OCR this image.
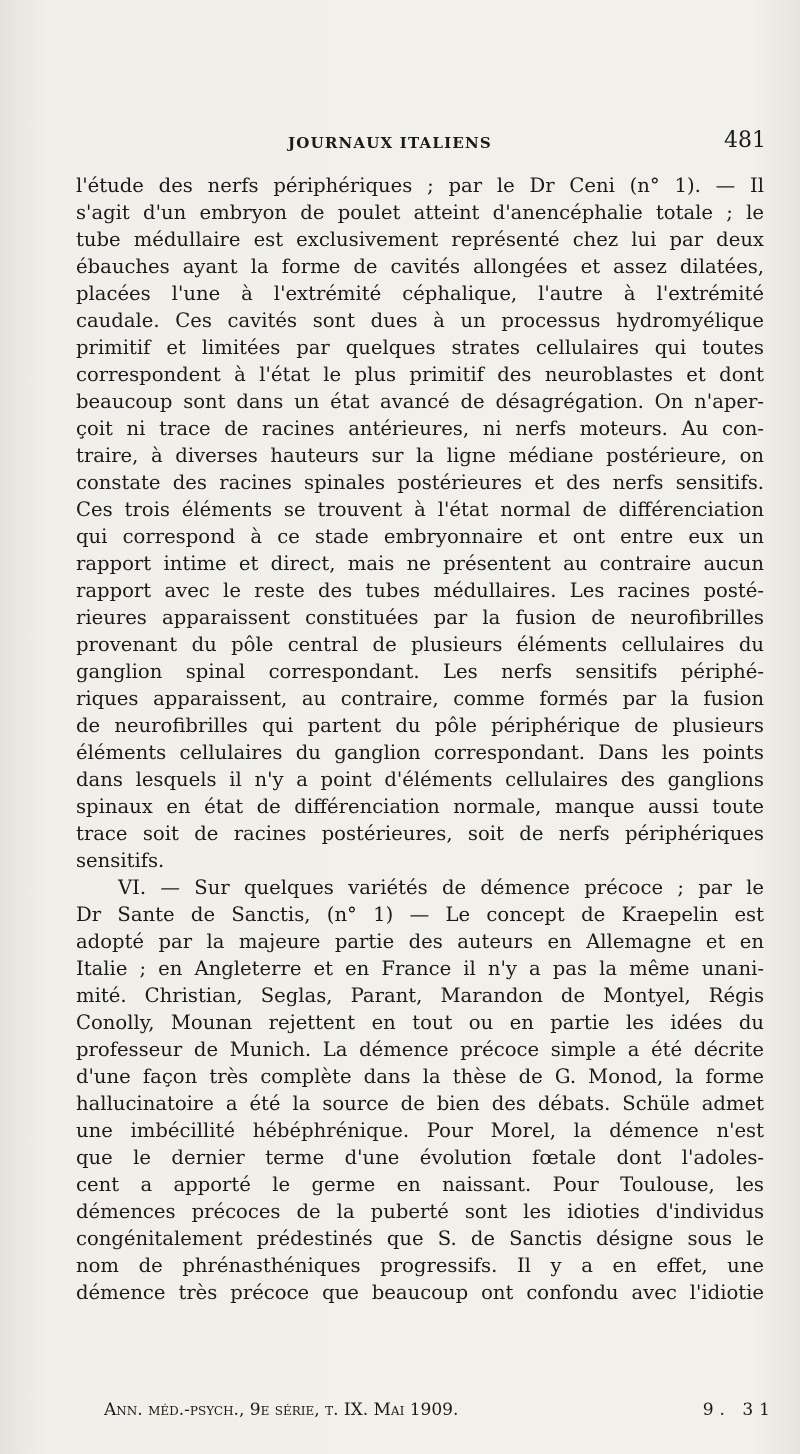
JOURNAUX ITALIENS	481
l'étude des nerfs périphériques ; par le Dr Ceni (n° 1). — Il
s'agit d'un embryon de poulet atteint d'anencéphalie totale ; le
tube médullaire est exclusivement représenté chez lui par deux
ébauches ayant la forme de cavités allongées et assez dilatées,
placées l'une à l'extrémité céphalique, l'autre à l'extrémité
caudale. Ces cavités sont dues à un processus hydromyélique
primitif et limitées par quelques strates cellulaires qui toutes
correspondent à l'état le plus primitif des neuroblastes et dont
beaucoup sont dans un état avancé de désagrégation. On n'aper-
çoit ni trace de racines antérieures, ni nerfs moteurs. Au con-
traire, à diverses hauteurs sur la ligne médiane postérieure, on
constate des racines spinales postérieures et des nerfs sensitifs.
Ces trois éléments se trouvent à l'état normal de différenciation
qui correspond à ce stade embryonnaire et ont entre eux un
rapport intime et direct, mais ne présentent au contraire aucun
rapport avec le reste des tubes médullaires. Les racines posté-
rieures apparaissent constituées par la fusion de neurofibrilles
provenant du pôle central de plusieurs éléments cellulaires du
ganglion spinal correspondant. Les nerfs sensitifs périphé-
riques apparaissent, au contraire, comme formés par la fusion
de neurofibrilles qui partent du pôle périphérique de plusieurs
éléments cellulaires du ganglion correspondant. Dans les points
dans lesquels il n'y a point d'éléments cellulaires des ganglions
spinaux en état de différenciation normale, manque aussi toute
trace soit de racines postérieures, soit de nerfs périphériques
sensitifs.
VI. — Sur quelques variétés de démence précoce ; par le
Dr Sante de Sanctis, (n° 1) — Le concept de Kraepelin est
adopté par la majeure partie des auteurs en Allemagne et en
Italie ; en Angleterre et en France il n'y a pas la même unani-
mité. Christian, Seglas, Parant, Marandon de Montyel, Régis
Conolly, Mounan rejettent en tout ou en partie les idées du
professeur de Munich. La démence précoce simple a été décrite
d'une façon très complète dans la thèse de G. Monod, la forme
hallucinatoire a été la source de bien des débats. Schüle admet
une imbécillité hébéphrénique. Pour Morel, la démence n'est
que le dernier terme d'une évolution fœtale dont l'adoles-
cent a apporté le germe en naissant. Pour Toulouse, les
démences précoces de la puberté sont les idioties d'individus
congénitalement prédestinés que S. de Sanctis désigne sous le
nom de phrénasthéniques progressifs. Il y a en effet, une
démence très précoce que beaucoup ont confondu avec l'idiotie
Ann. méd.-psych., 9e série, t. IX. Mai 1909.	9. 31
